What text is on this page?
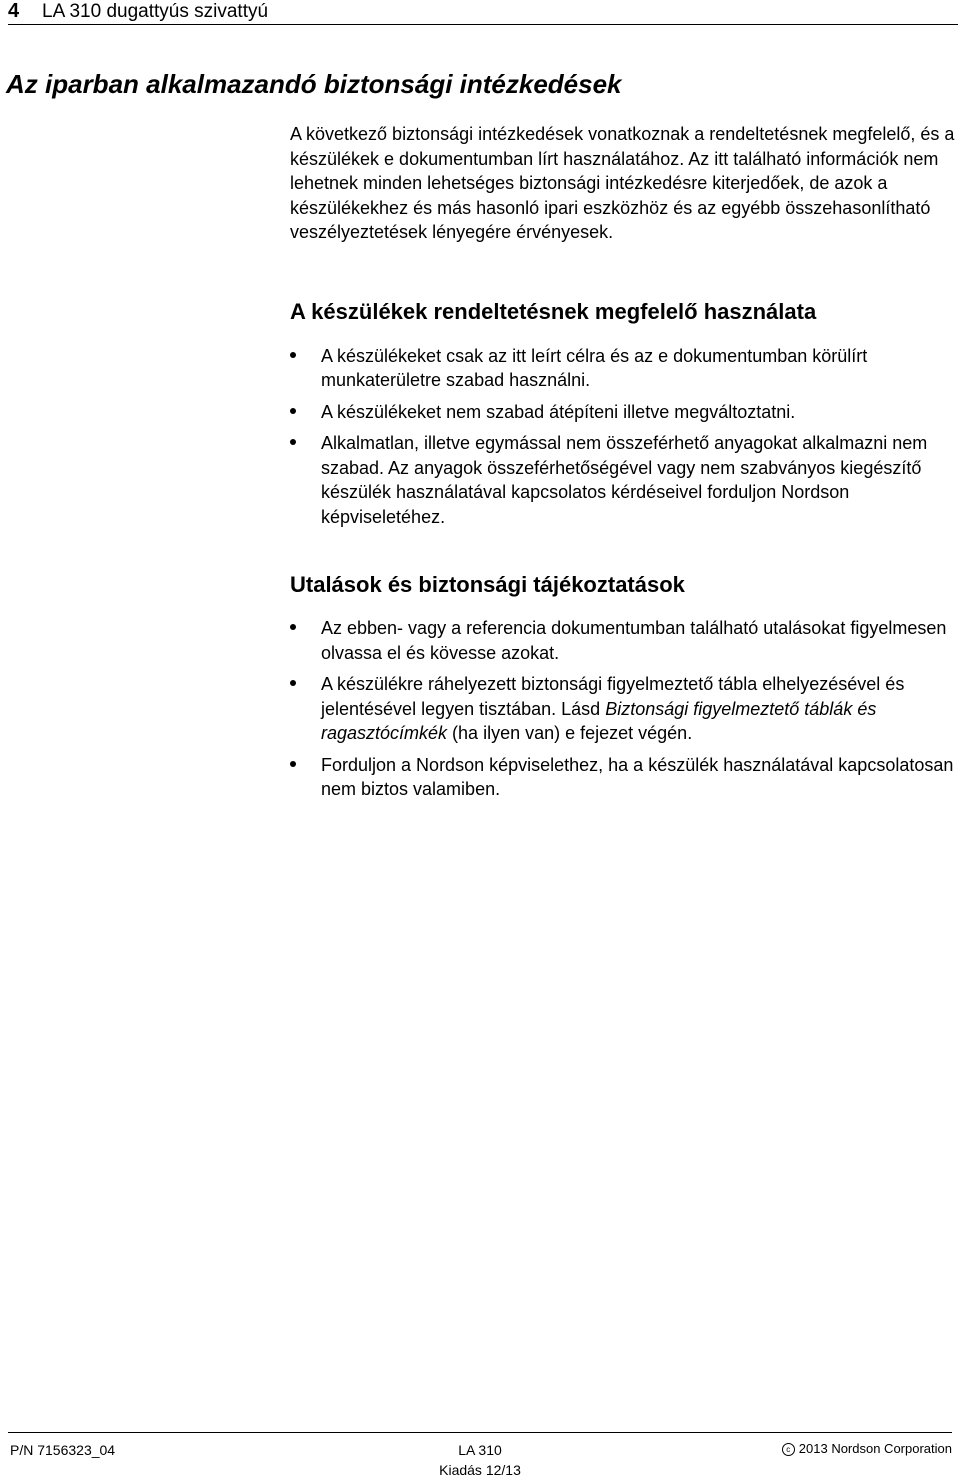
4 LA 310 dugattyús szivattyú
Az iparban alkalmazandó biztonsági intézkedések

A következő biztonsági intézkedések vonatkoznak a rendeltetésnek megfelelő, és a készülékek e dokumentumban lírt használatához. Az itt található információk nem lehetnek minden lehetséges biztonsági intézkedésre kiterjedőek, de azok a készülékekhez és más hasonló ipari eszközhöz és az egyébb összehasonlítható veszélyeztetések lényegére érvényesek.

A készülékek rendeltetésnek megfelelő használata
A készülékeket csak az itt leírt célra és az e dokumentumban körülírt munkaterületre szabad használni.
A készülékeket nem szabad átépíteni illetve megváltoztatni.
Alkalmatlan, illetve egymással nem összeférhető anyagokat alkalmazni nem szabad. Az anyagok összeférhetőségével vagy nem szabványos kiegészítő készülék használatával kapcsolatos kérdéseivel forduljon Nordson képviseletéhez.
Utalások és biztonsági tájékoztatások
Az ebben- vagy a referencia dokumentumban található utalásokat figyelmesen olvassa el és kövesse azokat.
A készülékre ráhelyezett biztonsági figyelmeztető tábla elhelyezésével és jelentésével legyen tisztában. Lásd Biztonsági figyelmeztető táblák és ragasztócímkék (ha ilyen van) e fejezet végén.
Forduljon a Nordson képviselethez, ha a készülék használatával kapcsolatosan nem biztos valamiben.
P/N 7156323_04	LA 310
Kiadás 12/13
c 2013 Nordson Corporation
